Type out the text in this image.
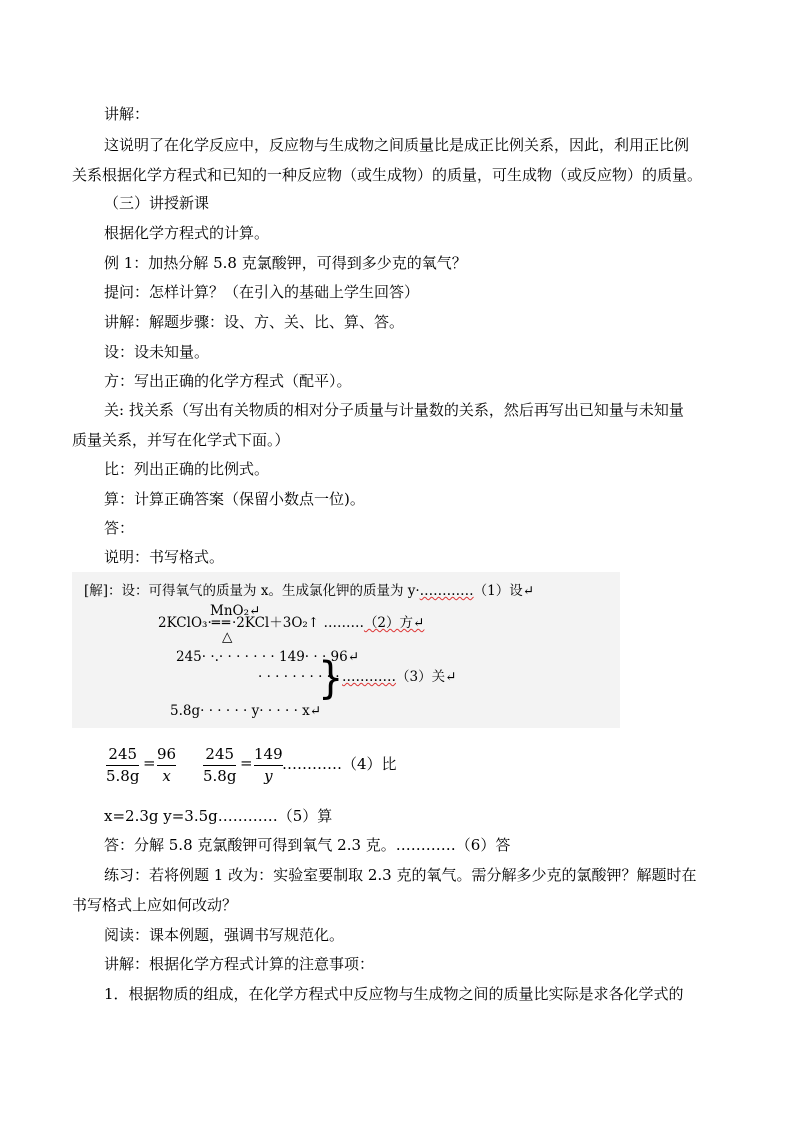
讲解：
这说明了在化学反应中，反应物与生成物之间质量比是成正比例关系，因此，利用正比例
关系根据化学方程式和已知的一种反应物（或生成物）的质量，可生成物（或反应物）的质量。
（三）讲授新课
根据化学方程式的计算。
例 1：加热分解 5.8 克氯酸钾，可得到多少克的氧气？
提问：怎样计算？（在引入的基础上学生回答）
讲解：解题步骤：设、方、关、比、算、答。
设：设未知量。
方：写出正确的化学方程式（配平）。
关: 找关系（写出有关物质的相对分子质量与计量数的关系，然后再写出已知量与未知量
质量关系，并写在化学式下面。）
比：列出正确的比例式。
算：计算正确答案（保留小数点一位)。
答：
说明：书写格式。
[解]：设：可得氧气的质量为 x。生成氯化钾的质量为 y·…………（1）设↵
MnO₂↵
2KClO₃·══·2KCl＋3O₂↑ ………（2）方↵
△
245· ·.· · · · · · · 149· · · 96↵
· · · · · · · · · ·
}
…………（3）关↵
5.8g· · · · · · y· · · · · x↵
245
5.8g
= 96
x
245
5.8g
= 149
y
…………（4）比
x=2.3g y=3.5g…………（5）算
答：分解 5.8 克氯酸钾可得到氧气 2.3 克。…………（6）答
练习：若将例题 1 改为：实验室要制取 2.3 克的氧气。需分解多少克的氯酸钾？解题时在
书写格式上应如何改动？
阅读：课本例题，强调书写规范化。
讲解：根据化学方程式计算的注意事项：
1．根据物质的组成，在化学方程式中反应物与生成物之间的质量比实际是求各化学式的
